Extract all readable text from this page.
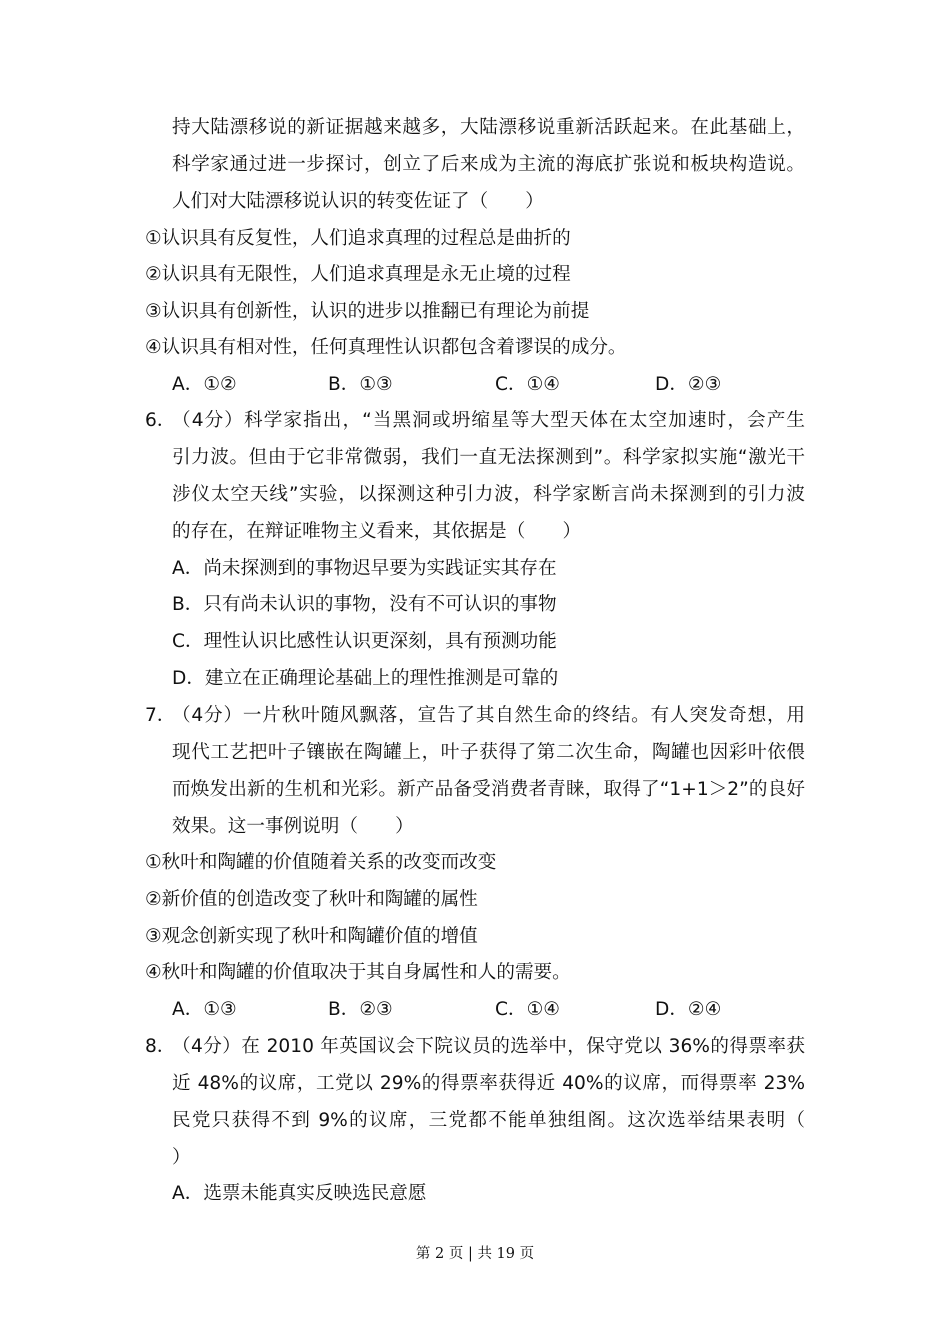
持大陆漂移说的新证据越来越多，大陆漂移说重新活跃起来。在此基础上，
科学家通过进一步探讨，创立了后来成为主流的海底扩张说和板块构造说。
人们对大陆漂移说认识的转变佐证了（　　）
①认识具有反复性，人们追求真理的过程总是曲折的
②认识具有无限性，人们追求真理是永无止境的过程
③认识具有创新性，认识的进步以推翻已有理论为前提
④认识具有相对性，任何真理性认识都包含着谬误的成分。
A．①②	B．①③	C．①④	D．②③
6．
（4分）科学家指出，“当黑洞或坍缩星等大型天体在太空加速时，会产生
引力波。但由于它非常微弱，我们一直无法探测到”。科学家拟实施“激光干
涉仪太空天线”实验，以探测这种引力波，科学家断言尚未探测到的引力波
的存在，在辩证唯物主义看来，其依据是（　　）
A．尚未探测到的事物迟早要为实践证实其存在
B．只有尚未认识的事物，没有不可认识的事物
C．理性认识比感性认识更深刻，具有预测功能
D．建立在正确理论基础上的理性推测是可靠的
7．
（4分）一片秋叶随风飘落，宣告了其自然生命的终结。有人突发奇想，用
现代工艺把叶子镶嵌在陶罐上，叶子获得了第二次生命，陶罐也因彩叶依偎
而焕发出新的生机和光彩。新产品备受消费者青睐，取得了“1+1＞2”的良好
效果。这一事例说明（　　）
①秋叶和陶罐的价值随着关系的改变而改变
②新价值的创造改变了秋叶和陶罐的属性
③观念创新实现了秋叶和陶罐价值的增值
④秋叶和陶罐的价值取决于其自身属性和人的需要。
A．①③	B．②③	C．①④	D．②④
8．
（4分）在 2010 年英国议会下院议员的选举中，保守党以 36%的得票率获
近 48%的议席，工党以 29%的得票率获得近 40%的议席，而得票率 23%
民党只获得不到 9%的议席，三党都不能单独组阁。这次选举结果表明（
）
A．选票未能真实反映选民意愿
第 2 页 | 共 19 页
